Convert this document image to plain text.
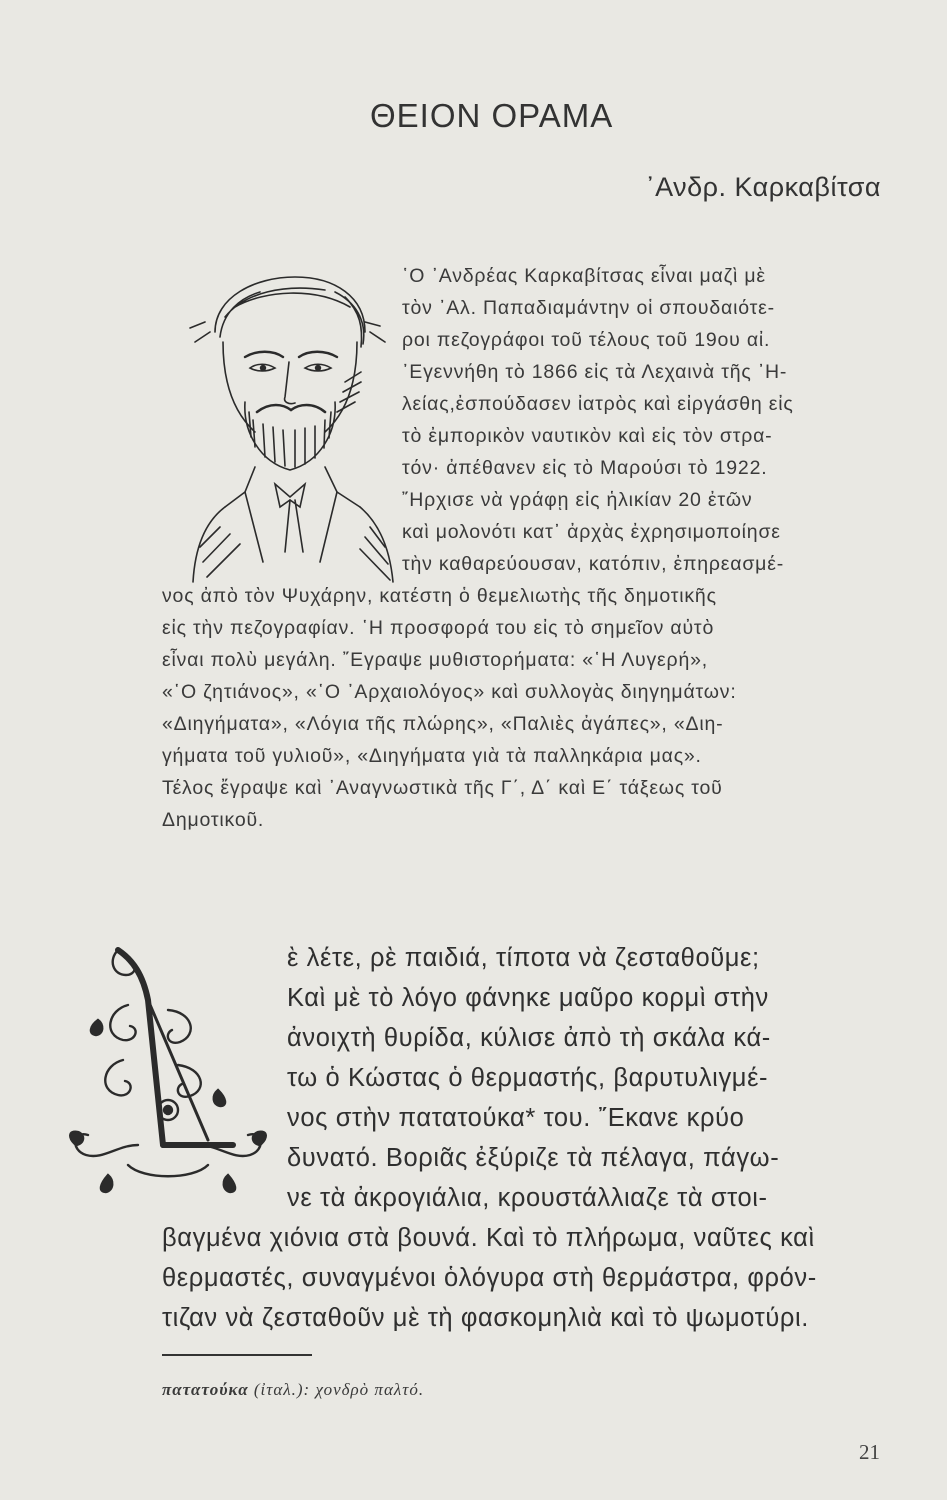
ΘΕΙΟΝ ΟΡΑΜΑ
᾿Ανδρ. Καρκαβίτσα
῾Ο ᾿Ανδρέας Καρκαβίτσας εἶναι μαζὶ μὲ
τὸν ᾿Αλ. Παπαδιαμάντην οἱ σπουδαιότε-
ροι πεζογράφοι τοῦ τέλους τοῦ 19ου αἰ.
᾿Εγεννήθη τὸ 1866 εἰς τὰ Λεχαινὰ τῆς ᾿Η-
λείας,ἐσπούδασεν ἰατρὸς καὶ εἰργάσθη εἰς
τὸ ἐμπορικὸν ναυτικὸν καὶ εἰς τὸν στρα-
τόν· ἀπέθανεν εἰς τὸ Μαρούσι τὸ 1922.
῎Ηρχισε νὰ γράφῃ εἰς ἡλικίαν 20 ἐτῶν
καὶ μολονότι κατ᾿ ἀρχὰς ἐχρησιμοποίησε
τὴν καθαρεύουσαν, κατόπιν, ἐπηρεασμέ-
νος ἀπὸ τὸν Ψυχάρην, κατέστη ὁ θεμελιωτὴς τῆς δημοτικῆς
εἰς τὴν πεζογραφίαν. ῾Η προσφορά του εἰς τὸ σημεῖον αὐτὸ
εἶναι πολὺ μεγάλη. ῎Εγραψε μυθιστορήματα: «῾Η Λυγερή»,
«῾Ο ζητιάνος», «῾Ο ᾿Αρχαιολόγος» καὶ συλλογὰς διηγημάτων:
«Διηγήματα», «Λόγια τῆς πλώρης», «Παλιὲς ἀγάπες», «Διη-
γήματα τοῦ γυλιοῦ», «Διηγήματα γιὰ τὰ παλληκάρια μας».
Τέλος ἔγραψε καὶ ᾿Αναγνωστικὰ τῆς Γ΄, Δ΄ καὶ Ε΄ τάξεως τοῦ
Δημοτικοῦ.
ὲ λέτε, ρὲ παιδιά, τίποτα νὰ ζεσταθοῦμε;
Καὶ μὲ τὸ λόγο φάνηκε μαῦρο κορμὶ στὴν
ἀνοιχτὴ θυρίδα, κύλισε ἀπὸ τὴ σκάλα κά-
τω ὁ Κώστας ὁ θερμαστής, βαρυτυλιγμέ-
νος στὴν πατατούκα* του. ῎Εκανε κρύο
δυνατό. Βοριᾶς ἐξύριζε τὰ πέλαγα, πάγω-
νε τὰ ἀκρογιάλια, κρουστάλλιαζε τὰ στοι-
βαγμένα χιόνια στὰ βουνά. Καὶ τὸ πλήρωμα, ναῦτες καὶ
θερμαστές, συναγμένοι ὁλόγυρα στὴ θερμάστρα, φρόν-
τιζαν νὰ ζεσταθοῦν μὲ τὴ φασκομηλιὰ καὶ τὸ ψωμοτύρι.
πατατούκα (ἰταλ.): χονδρὸ παλτό.
21
